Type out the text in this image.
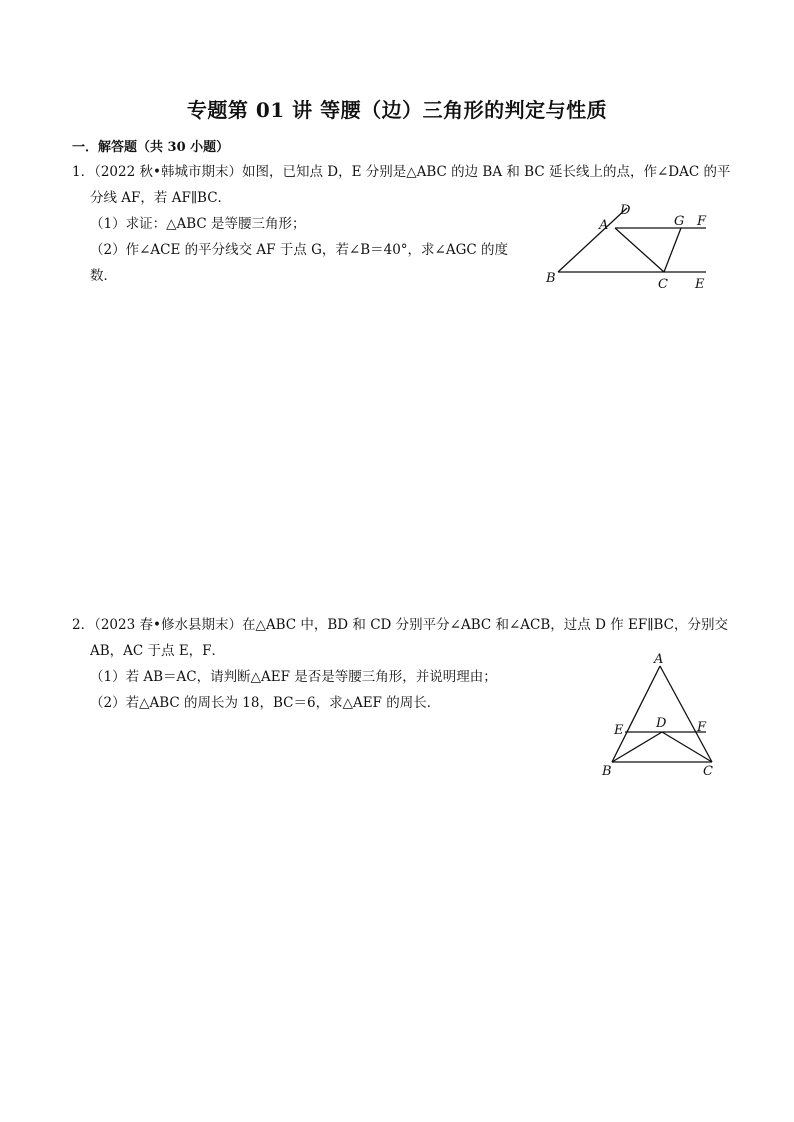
专题第 01 讲 等腰（边）三角形的判定与性质
一．解答题（共 30 小题）
1．（2022 秋•韩城市期末）如图，已知点 D，E 分别是△ABC 的边 BA 和 BC 延长线上的点，作∠DAC 的平
分线 AF，若 AF∥BC．
（1）求证：△ABC 是等腰三角形；
（2）作∠ACE 的平分线交 AF 于点 G，若∠B＝40°，求∠AGC 的度
数．	B
A
D
G F
C E
2．（2023 春•修水县期末）在△ABC 中，BD 和 CD 分别平分∠ABC 和∠ACB，过点 D 作 EF∥BC，分别交
AB，AC 于点 E，F．
（1）若 AB＝AC，请判断△AEF 是否是等腰三角形，并说明理由；
（2）若△ABC 的周长为 18，BC＝6，求△AEF 的周长．
A
E	D F
B	C
